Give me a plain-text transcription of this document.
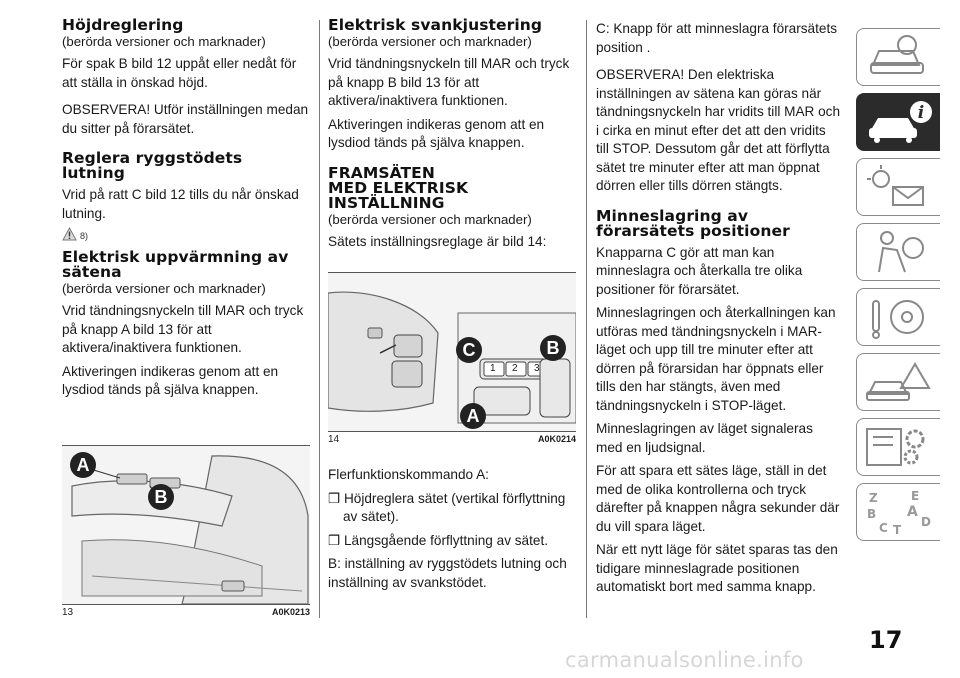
Höjdreglering
(berörda versioner och marknader)

För spak B bild 12 uppåt eller nedåt för att ställa in önskad höjd.

OBSERVERA! Utför inställningen medan du sitter på förarsätet.

Reglera ryggstödets lutning

Vrid på ratt C bild 12 tills du når önskad lutning.

8)
Elektrisk uppvärmning av sätena
(berörda versioner och marknader)

Vrid tändningsnyckeln till MAR och tryck på knapp A bild 13 för att aktivera/inaktivera funktionen.

Aktiveringen indikeras genom att en lysdiod tänds på själva knappen.

A
B
13	A0K0213
Elektrisk svankjustering
(berörda versioner och marknader)

Vrid tändningsnyckeln till MAR och tryck på knapp B bild 13 för att aktivera/inaktivera funktionen.

Aktiveringen indikeras genom att en lysdiod tänds på själva knappen.

FRAMSÄTEN MED ELEKTRISK INSTÄLLNING
(berörda versioner och marknader)

Sätets inställningsreglage är bild 14:

1 2 3
C	B
A
14	A0K0214

Flerfunktionskommando A:

❒ Höjdreglera sätet (vertikal förflyttning av sätet).

❒ Längsgående förflyttning av sätet.

B: inställning av ryggstödets lutning och inställning av svankstödet.

C: Knapp för att minneslagra förarsätets position .

OBSERVERA! Den elektriska inställningen av sätena kan göras när tändningsnyckeln har vridits till MAR och i cirka en minut efter det att den vridits till STOP. Dessutom går det att förflytta sätet tre minuter efter att man öppnat dörren eller tills dörren stängts.

Minneslagring av förarsätets positioner

Knapparna C gör att man kan minneslagra och återkalla tre olika positioner för förarsätet.

Minneslagringen och återkallningen kan utföras med tändningsnyckeln i MAR-läget och upp till tre minuter efter att dörren på förarsidan har öppnats eller tills den har stängts, även med tändningsnyckeln i STOP-läget.

Minneslagringen av läget signaleras med en ljudsignal.

För att spara ett sätes läge, ställ in det med de olika kontrollerna och tryck därefter på knappen några sekunder där du vill spara läget.

När ett nytt läge för sätet sparas tas den tidigare minneslagrade positionen automatiskt bort med samma knapp.

i
Z	E
B A
C T
D
17
carmanualsonline.info
